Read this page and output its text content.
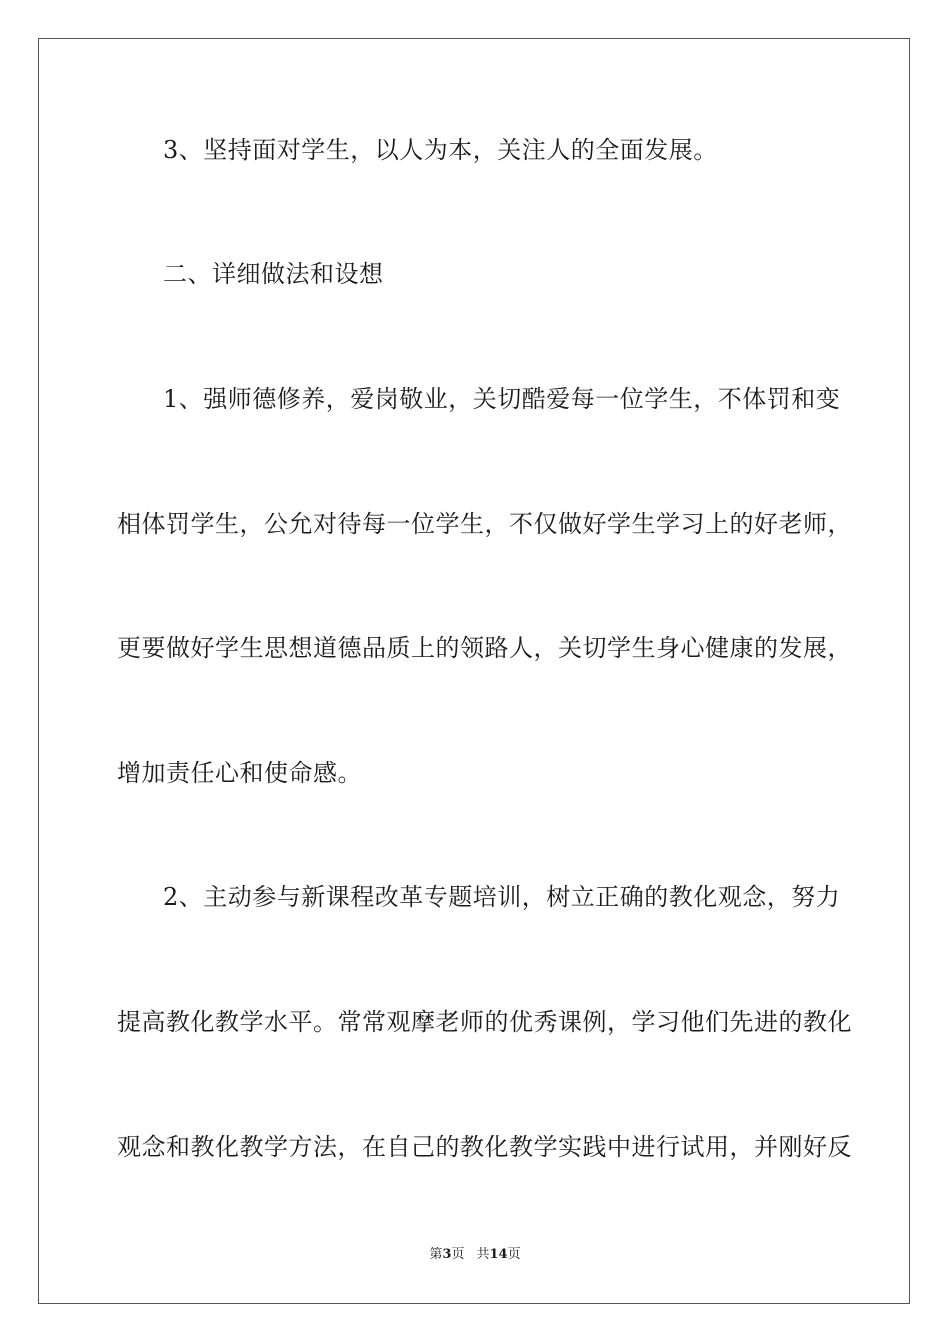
3、坚持面对学生，以人为本，关注人的全面发展。
二、详细做法和设想
1、强师德修养，爱岗敬业，关切酷爱每一位学生，不体罚和变
相体罚学生，公允对待每一位学生，不仅做好学生学习上的好老师，
更要做好学生思想道德品质上的领路人，关切学生身心健康的发展，
增加责任心和使命感。
2、主动参与新课程改革专题培训，树立正确的教化观念，努力
提高教化教学水平。常常观摩老师的优秀课例，学习他们先进的教化
观念和教化教学方法，在自己的教化教学实践中进行试用，并刚好反
第3页 共14页
